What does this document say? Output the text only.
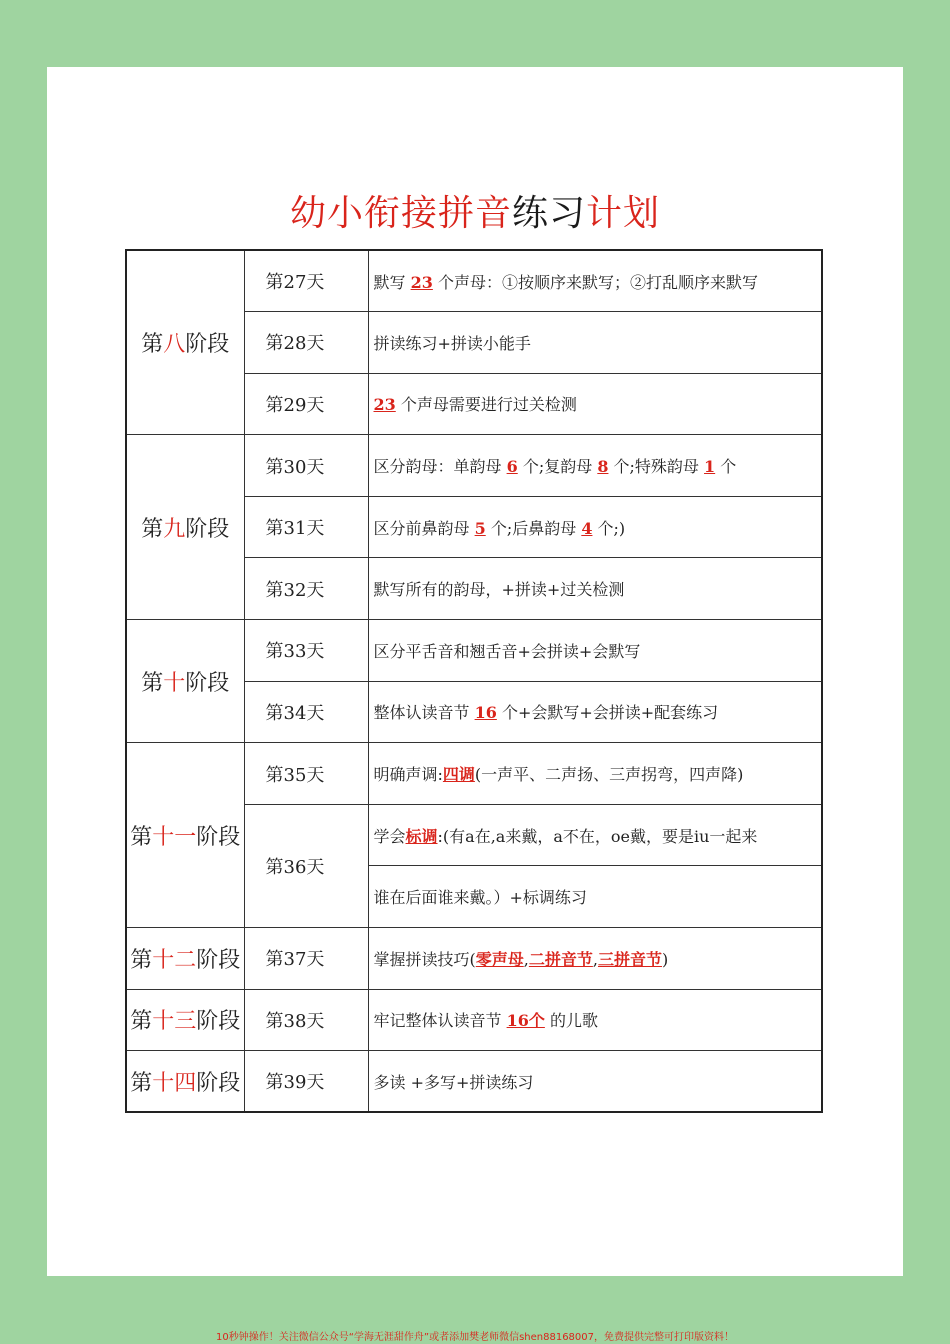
幼小衔接拼音练习计划
第八阶段	第27天	默写 23 个声母：①按顺序来默写；②打乱顺序来默写
	第28天	拼读练习+拼读小能手
	第29天	23 个声母需要进行过关检测
第九阶段	第30天	区分韵母：单韵母 6 个;复韵母 8 个;特殊韵母 1 个
	第31天	区分前鼻韵母 5 个;后鼻韵母 4 个;)
	第32天	默写所有的韵母，+拼读+过关检测
第十阶段	第33天	区分平舌音和翘舌音+会拼读+会默写
	第34天	整体认读音节 16 个+会默写+会拼读+配套练习
第十一阶段	第35天	明确声调:四调(一声平、二声扬、三声拐弯，四声降)
	第36天	学会标调:(有a在,a来戴，a不在，oe戴，要是iu一起来
		谁在后面谁来戴。）+标调练习
第十二阶段	第37天	掌握拼读技巧(零声母,二拼音节,三拼音节)
第十三阶段	第38天	牢记整体认读音节 16个 的儿歌
第十四阶段	第39天	多读 +多写+拼读练习
10秒钟操作！关注微信公众号“学海无涯甜作舟”或者添加樊老师微信shen88168007，免费提供完整可打印版资料！
